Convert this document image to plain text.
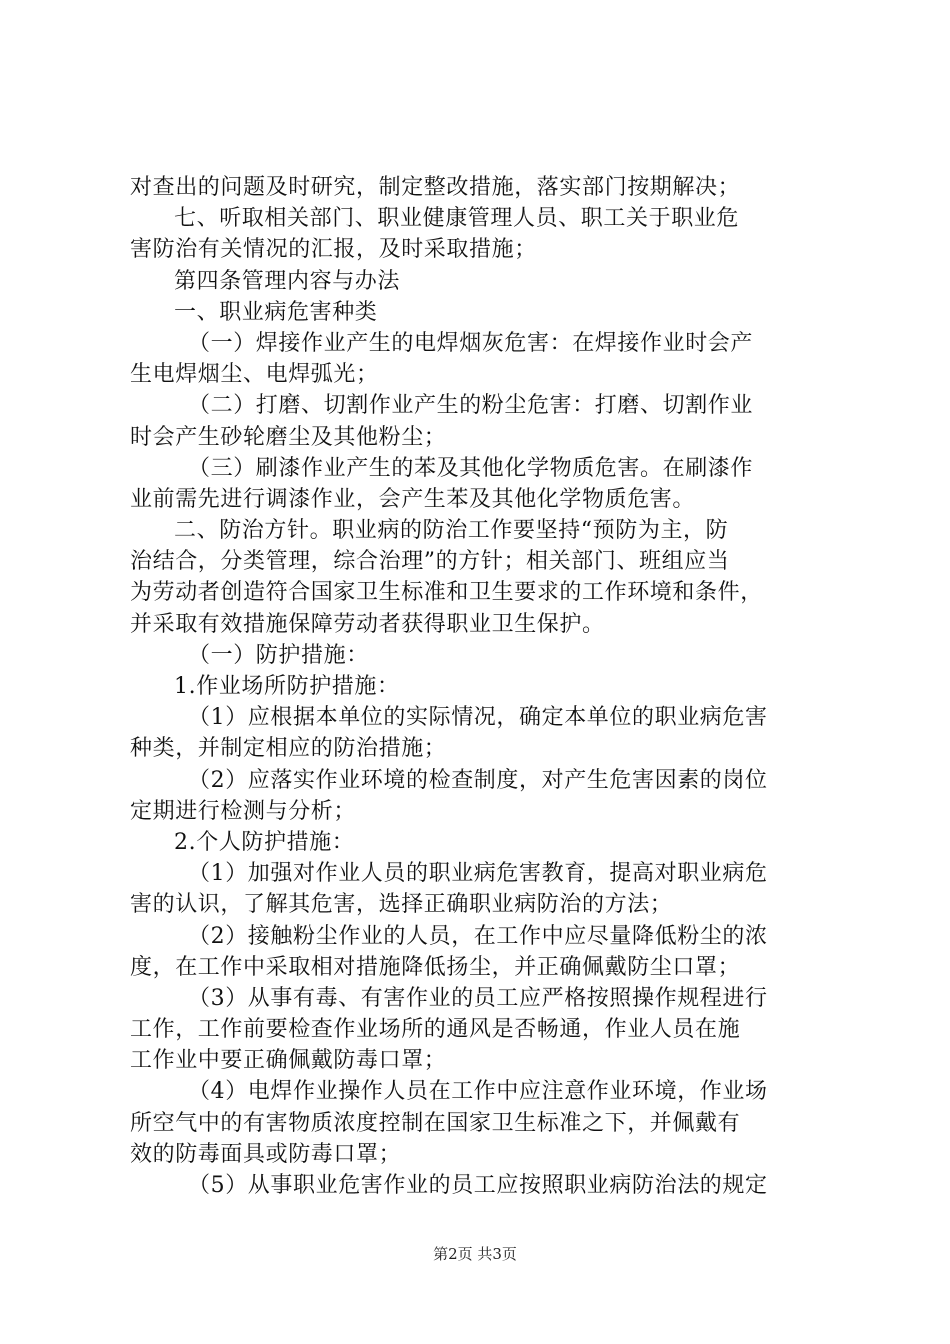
对查出的问题及时研究，制定整改措施，落实部门按期解决；
七、听取相关部门、职业健康管理人员、职工关于职业危
害防治有关情况的汇报，及时采取措施；
第四条管理内容与办法
一、职业病危害种类
（一）焊接作业产生的电焊烟灰危害：在焊接作业时会产
生电焊烟尘、电焊弧光；
（二）打磨、切割作业产生的粉尘危害：打磨、切割作业
时会产生砂轮磨尘及其他粉尘；
（三）刷漆作业产生的苯及其他化学物质危害。在刷漆作
业前需先进行调漆作业，会产生苯及其他化学物质危害。
二、防治方针。职业病的防治工作要坚持“预防为主，防
治结合，分类管理，综合治理”的方针；相关部门、班组应当
为劳动者创造符合国家卫生标准和卫生要求的工作环境和条件，
并采取有效措施保障劳动者获得职业卫生保护。
（一）防护措施：
1.作业场所防护措施：
（1）应根据本单位的实际情况，确定本单位的职业病危害
种类，并制定相应的防治措施；
（2）应落实作业环境的检查制度，对产生危害因素的岗位
定期进行检测与分析；
2.个人防护措施：
（1）加强对作业人员的职业病危害教育，提高对职业病危
害的认识，了解其危害，选择正确职业病防治的方法；
（2）接触粉尘作业的人员，在工作中应尽量降低粉尘的浓
度，在工作中采取相对措施降低扬尘，并正确佩戴防尘口罩；
（3）从事有毒、有害作业的员工应严格按照操作规程进行
工作，工作前要检查作业场所的通风是否畅通，作业人员在施
工作业中要正确佩戴防毒口罩；
（4）电焊作业操作人员在工作中应注意作业环境，作业场
所空气中的有害物质浓度控制在国家卫生标准之下，并佩戴有
效的防毒面具或防毒口罩；
（5）从事职业危害作业的员工应按照职业病防治法的规定
第2页 共3页
